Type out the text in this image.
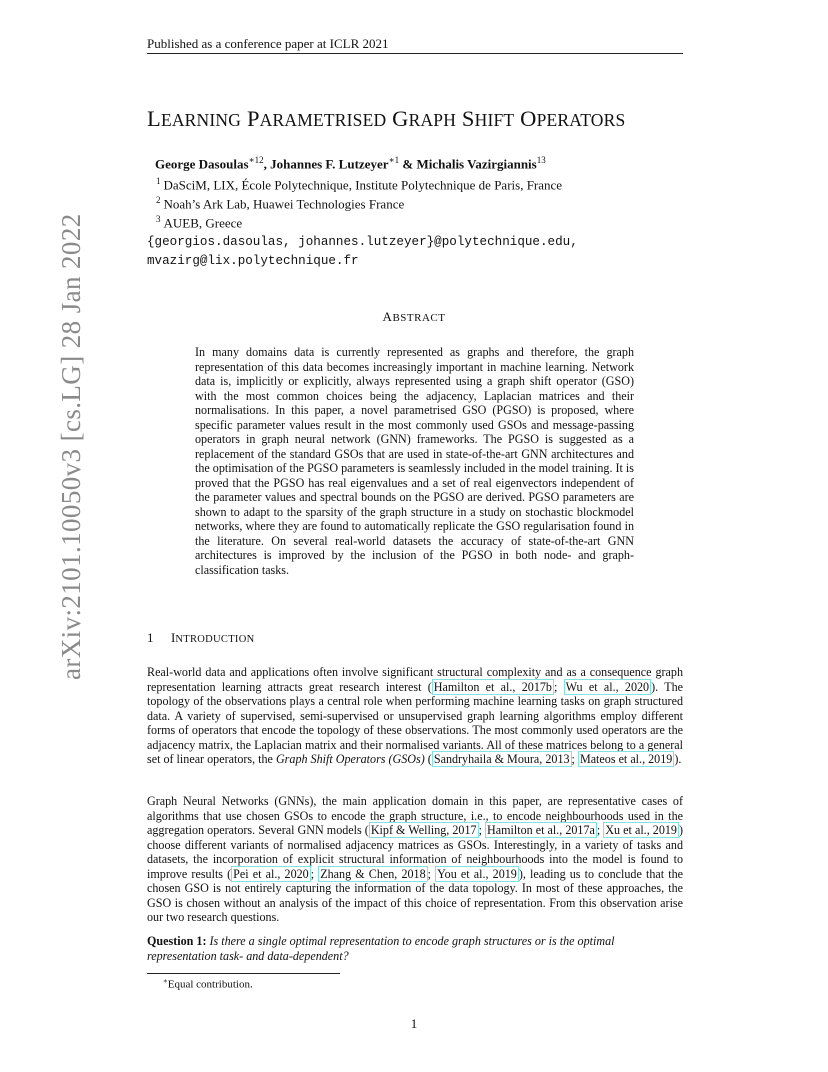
Published as a conference paper at ICLR 2021
LEARNING PARAMETRISED GRAPH SHIFT OPERATORS
George Dasoulas$^{∗12}$, Johannes F. Lutzeyer$^{∗1}$ & Michalis Vazirgiannis$^{13}$
$^1$ DaSciM, LIX, École Polytechnique, Institute Polytechnique de Paris, France
$^2$ Noah’s Ark Lab, Huawei Technologies France
$^3$ AUEB, Greece
{georgios.dasoulas, johannes.lutzeyer}@polytechnique.edu,
mvazirg@lix.polytechnique.fr
arXiv:2101.10050v3 [cs.LG] 28 Jan 2022	ABSTRACT
In many domains data is currently represented as graphs and therefore, the graph representation of this data becomes increasingly important in machine learning. Network data is, implicitly or explicitly, always represented using a graph shift operator (GSO) with the most common choices being the adjacency, Laplacian matrices and their normalisations. In this paper, a novel parametrised GSO (PGSO) is proposed, where specific parameter values result in the most commonly used GSOs and message-passing operators in graph neural network (GNN) frameworks. The PGSO is suggested as a replacement of the standard GSOs that are used in state-of-the-art GNN architectures and the optimisation of the PGSO parameters is seamlessly included in the model training. It is proved that the PGSO has real eigenvalues and a set of real eigenvectors independent of the parameter values and spectral bounds on the PGSO are derived. PGSO parameters are shown to adapt to the sparsity of the graph structure in a study on stochastic blockmodel networks, where they are found to automatically replicate the GSO regularisation found in the literature. On several real-world datasets the accuracy of state-of-the-art GNN architectures is improved by the inclusion of the PGSO in both node- and graph-classification tasks.
1 INTRODUCTION
Real-world data and applications often involve significant structural complexity and as a consequence graph representation learning attracts great research interest ( Hamilton et al., 2017b ; Wu et al., 2020 ). The topology of the observations plays a central role when performing machine learning tasks on graph structured data. A variety of supervised, semi-supervised or unsupervised graph learning algorithms employ different forms of operators that encode the topology of these observations. The most commonly used operators are the adjacency matrix, the Laplacian matrix and their normalised variants. All of these matrices belong to a general set of linear operators, the Graph Shift Operators (GSOs) ( Sandryhaila & Moura, 2013 ; Mateos et al., 2019 ).
Graph Neural Networks (GNNs), the main application domain in this paper, are representative cases of algorithms that use chosen GSOs to encode the graph structure, i.e., to encode neighbourhoods used in the aggregation operators. Several GNN models ( Kipf & Welling, 2017 ; Hamilton et al., 2017a ; Xu et al., 2019 ) choose different variants of normalised adjacency matrices as GSOs. Interestingly, in a variety of tasks and datasets, the incorporation of explicit structural information of neighbourhoods into the model is found to improve results ( Pei et al., 2020 ; Zhang & Chen, 2018 ; You et al., 2019 ), leading us to conclude that the chosen GSO is not entirely capturing the information of the data topology. In most of these approaches, the GSO is chosen without an analysis of the impact of this choice of representation. From this observation arise our two research questions.
Question 1: Is there a single optimal representation to encode graph structures or is the optimal representation task- and data-dependent?
∗Equal contribution.
1
